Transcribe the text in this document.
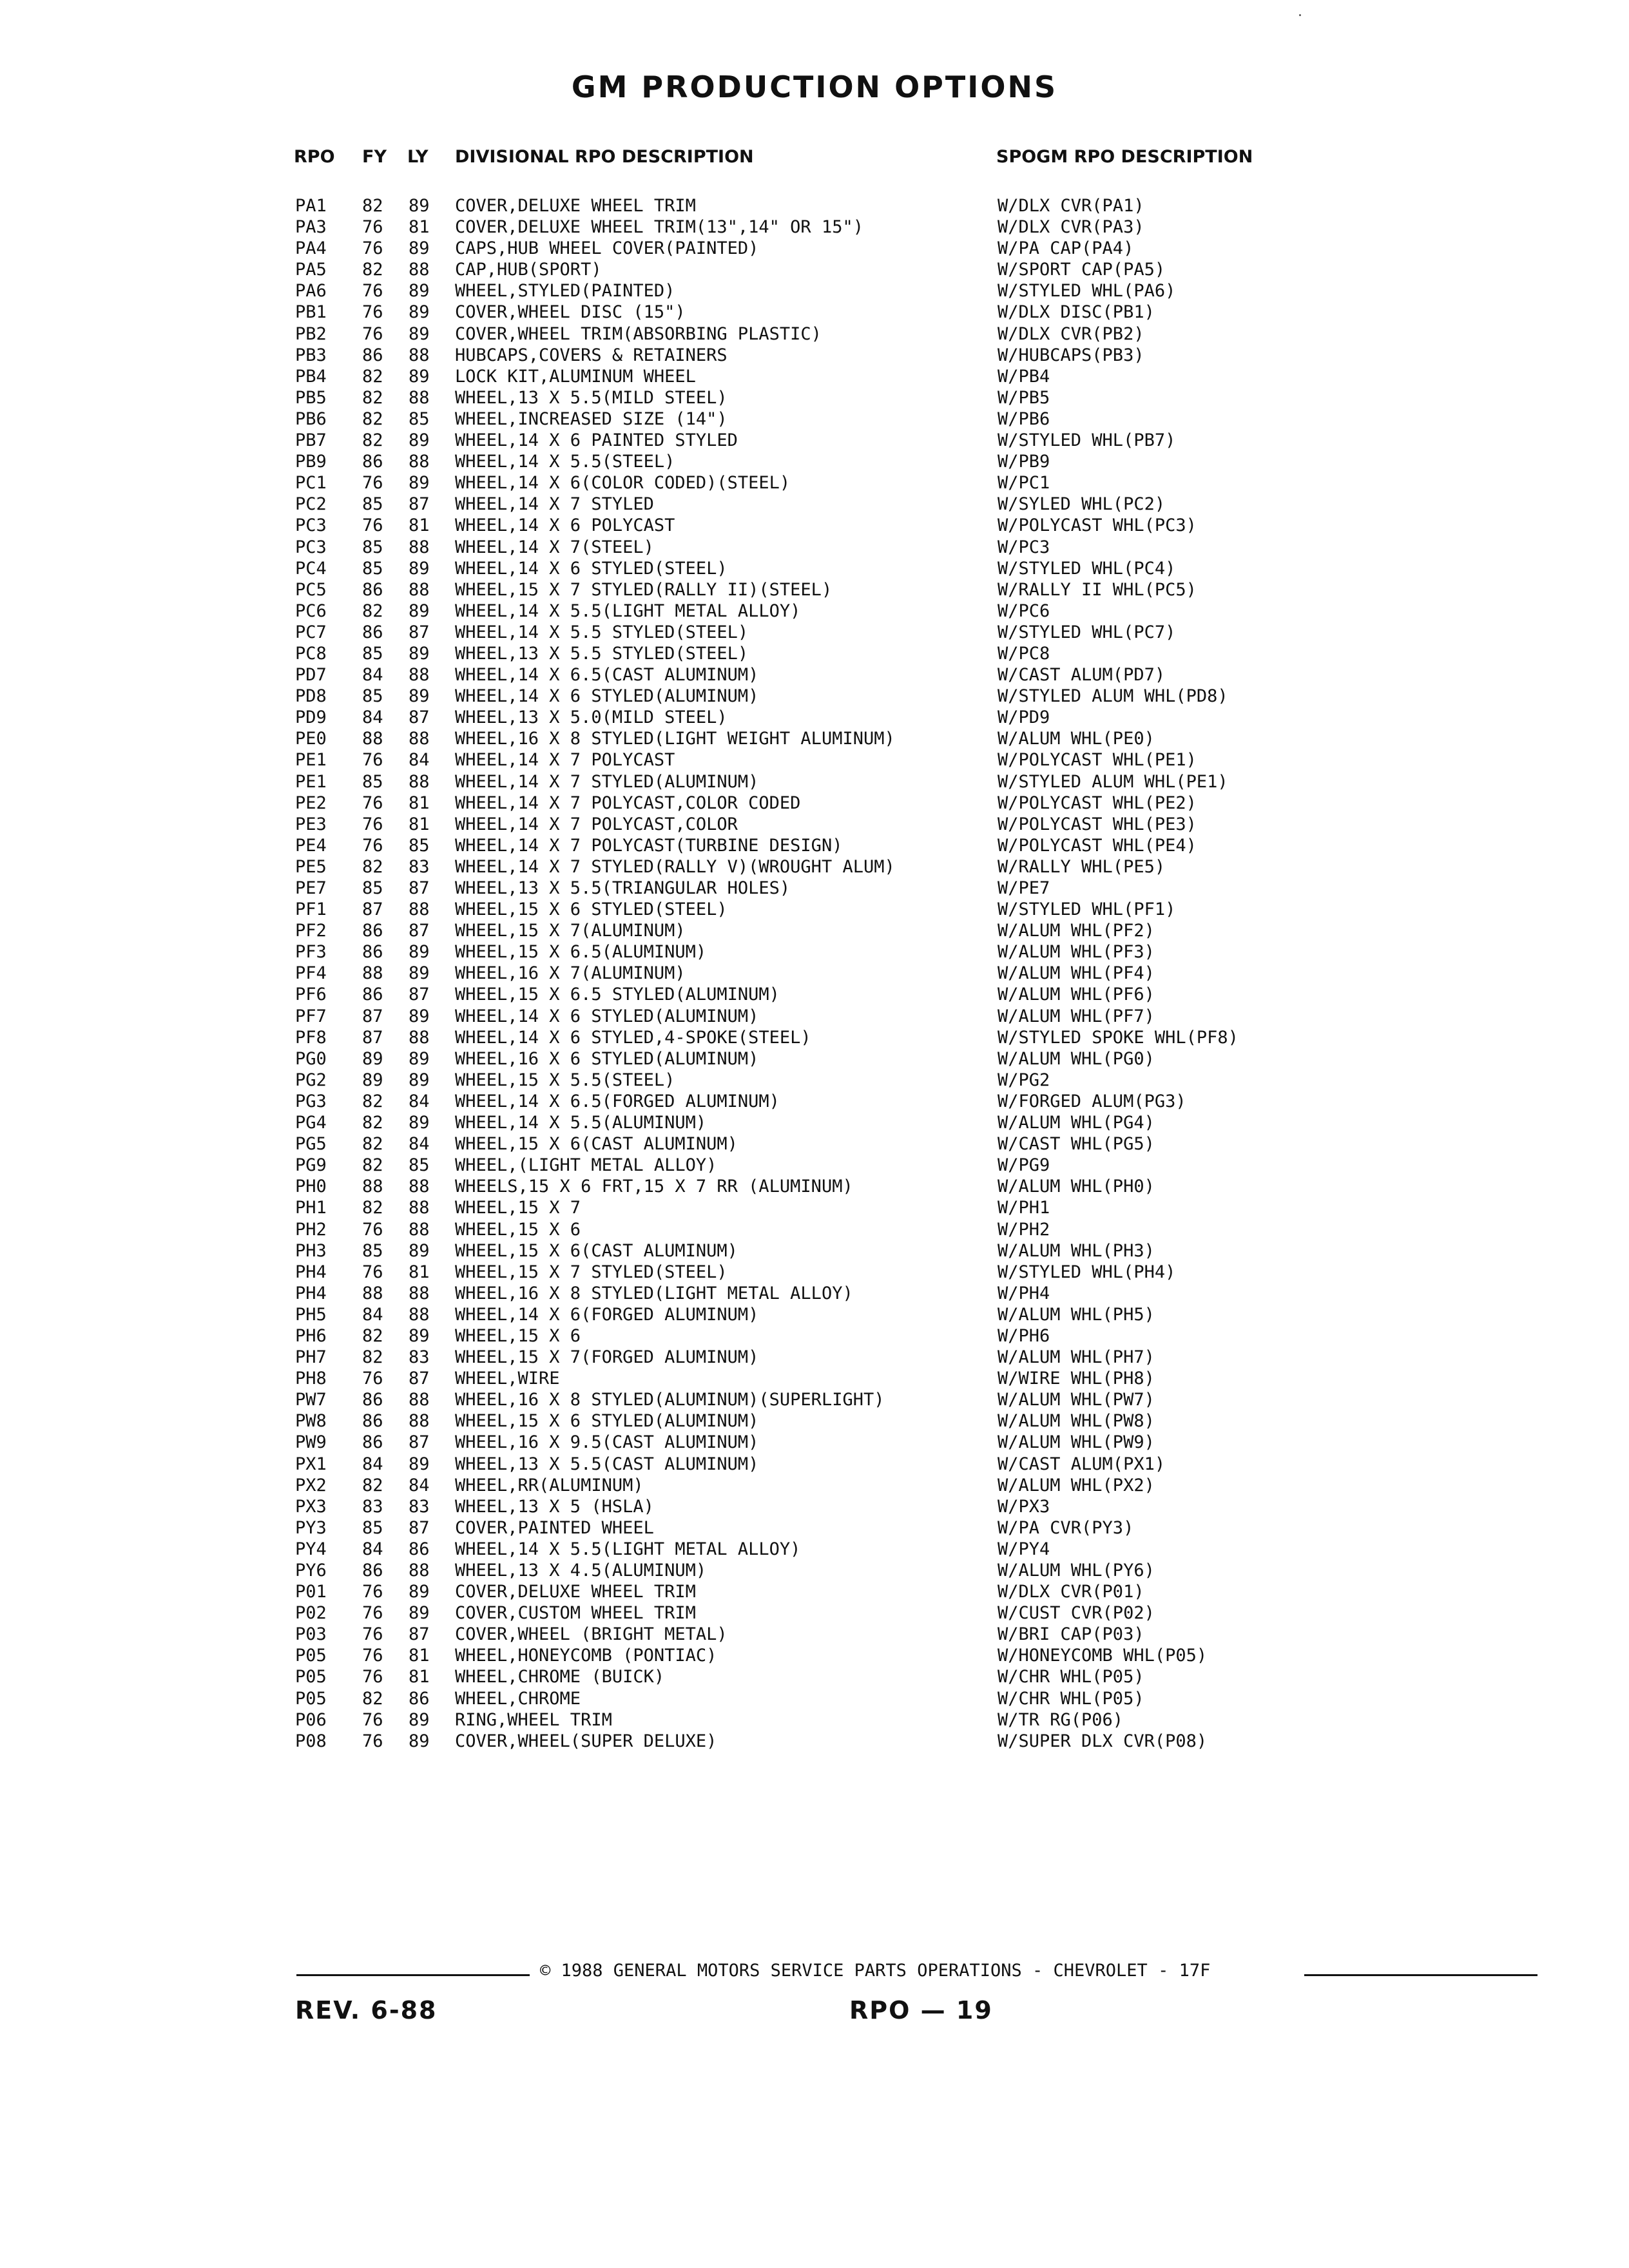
GM PRODUCTION OPTIONS
RPO FY LY DIVISIONAL RPO DESCRIPTION	SPOGM RPO DESCRIPTION
PA1 82 89 COVER,DELUXE WHEEL TRIM	W/DLX CVR(PA1)
PA3 76 81 COVER,DELUXE WHEEL TRIM(13",14" OR 15")	W/DLX CVR(PA3)
PA4 76 89 CAPS,HUB WHEEL COVER(PAINTED)	W/PA CAP(PA4)
PA5 82 88 CAP,HUB(SPORT)	W/SPORT CAP(PA5)
PA6 76 89 WHEEL,STYLED(PAINTED)	W/STYLED WHL(PA6)
PB1 76 89 COVER,WHEEL DISC (15")	W/DLX DISC(PB1)
PB2 76 89 COVER,WHEEL TRIM(ABSORBING PLASTIC)	W/DLX CVR(PB2)
PB3 86 88 HUBCAPS,COVERS & RETAINERS	W/HUBCAPS(PB3)
PB4 82 89 LOCK KIT,ALUMINUM WHEEL	W/PB4
PB5 82 88 WHEEL,13 X 5.5(MILD STEEL)	W/PB5
PB6 82 85 WHEEL,INCREASED SIZE (14")	W/PB6
PB7 82 89 WHEEL,14 X 6 PAINTED STYLED	W/STYLED WHL(PB7)
PB9 86 88 WHEEL,14 X 5.5(STEEL)	W/PB9
PC1 76 89 WHEEL,14 X 6(COLOR CODED)(STEEL)	W/PC1
PC2 85 87 WHEEL,14 X 7 STYLED	W/SYLED WHL(PC2)
PC3 76 81 WHEEL,14 X 6 POLYCAST	W/POLYCAST WHL(PC3)
PC3 85 88 WHEEL,14 X 7(STEEL)	W/PC3
PC4 85 89 WHEEL,14 X 6 STYLED(STEEL)	W/STYLED WHL(PC4)
PC5 86 88 WHEEL,15 X 7 STYLED(RALLY II)(STEEL)	W/RALLY II WHL(PC5)
PC6 82 89 WHEEL,14 X 5.5(LIGHT METAL ALLOY)	W/PC6
PC7 86 87 WHEEL,14 X 5.5 STYLED(STEEL)	W/STYLED WHL(PC7)
PC8 85 89 WHEEL,13 X 5.5 STYLED(STEEL)	W/PC8
PD7 84 88 WHEEL,14 X 6.5(CAST ALUMINUM)	W/CAST ALUM(PD7)
PD8 85 89 WHEEL,14 X 6 STYLED(ALUMINUM)	W/STYLED ALUM WHL(PD8)
PD9 84 87 WHEEL,13 X 5.0(MILD STEEL)	W/PD9
PE0 88 88 WHEEL,16 X 8 STYLED(LIGHT WEIGHT ALUMINUM)	W/ALUM WHL(PE0)
PE1 76 84 WHEEL,14 X 7 POLYCAST	W/POLYCAST WHL(PE1)
PE1 85 88 WHEEL,14 X 7 STYLED(ALUMINUM)	W/STYLED ALUM WHL(PE1)
PE2 76 81 WHEEL,14 X 7 POLYCAST,COLOR CODED	W/POLYCAST WHL(PE2)
PE3 76 81 WHEEL,14 X 7 POLYCAST,COLOR	W/POLYCAST WHL(PE3)
PE4 76 85 WHEEL,14 X 7 POLYCAST(TURBINE DESIGN)	W/POLYCAST WHL(PE4)
PE5 82 83 WHEEL,14 X 7 STYLED(RALLY V)(WROUGHT ALUM)	W/RALLY WHL(PE5)
PE7 85 87 WHEEL,13 X 5.5(TRIANGULAR HOLES)	W/PE7
PF1 87 88 WHEEL,15 X 6 STYLED(STEEL)	W/STYLED WHL(PF1)
PF2 86 87 WHEEL,15 X 7(ALUMINUM)	W/ALUM WHL(PF2)
PF3 86 89 WHEEL,15 X 6.5(ALUMINUM)	W/ALUM WHL(PF3)
PF4 88 89 WHEEL,16 X 7(ALUMINUM)	W/ALUM WHL(PF4)
PF6 86 87 WHEEL,15 X 6.5 STYLED(ALUMINUM)	W/ALUM WHL(PF6)
PF7 87 89 WHEEL,14 X 6 STYLED(ALUMINUM)	W/ALUM WHL(PF7)
PF8 87 88 WHEEL,14 X 6 STYLED,4-SPOKE(STEEL)	W/STYLED SPOKE WHL(PF8)
PG0 89 89 WHEEL,16 X 6 STYLED(ALUMINUM)	W/ALUM WHL(PG0)
PG2 89 89 WHEEL,15 X 5.5(STEEL)	W/PG2
PG3 82 84 WHEEL,14 X 6.5(FORGED ALUMINUM)	W/FORGED ALUM(PG3)
PG4 82 89 WHEEL,14 X 5.5(ALUMINUM)	W/ALUM WHL(PG4)
PG5 82 84 WHEEL,15 X 6(CAST ALUMINUM)	W/CAST WHL(PG5)
PG9 82 85 WHEEL,(LIGHT METAL ALLOY)	W/PG9
PH0 88 88 WHEELS,15 X 6 FRT,15 X 7 RR (ALUMINUM)	W/ALUM WHL(PH0)
PH1 82 88 WHEEL,15 X 7	W/PH1
PH2 76 88 WHEEL,15 X 6	W/PH2
PH3 85 89 WHEEL,15 X 6(CAST ALUMINUM)	W/ALUM WHL(PH3)
PH4 76 81 WHEEL,15 X 7 STYLED(STEEL)	W/STYLED WHL(PH4)
PH4 88 88 WHEEL,16 X 8 STYLED(LIGHT METAL ALLOY)	W/PH4
PH5 84 88 WHEEL,14 X 6(FORGED ALUMINUM)	W/ALUM WHL(PH5)
PH6 82 89 WHEEL,15 X 6	W/PH6
PH7 82 83 WHEEL,15 X 7(FORGED ALUMINUM)	W/ALUM WHL(PH7)
PH8 76 87 WHEEL,WIRE	W/WIRE WHL(PH8)
PW7 86 88 WHEEL,16 X 8 STYLED(ALUMINUM)(SUPERLIGHT)	W/ALUM WHL(PW7)
PW8 86 88 WHEEL,15 X 6 STYLED(ALUMINUM)	W/ALUM WHL(PW8)
PW9 86 87 WHEEL,16 X 9.5(CAST ALUMINUM)	W/ALUM WHL(PW9)
PX1 84 89 WHEEL,13 X 5.5(CAST ALUMINUM)	W/CAST ALUM(PX1)
PX2 82 84 WHEEL,RR(ALUMINUM)	W/ALUM WHL(PX2)
PX3 83 83 WHEEL,13 X 5 (HSLA)	W/PX3
PY3 85 87 COVER,PAINTED WHEEL	W/PA CVR(PY3)
PY4 84 86 WHEEL,14 X 5.5(LIGHT METAL ALLOY)	W/PY4
PY6 86 88 WHEEL,13 X 4.5(ALUMINUM)	W/ALUM WHL(PY6)
P01 76 89 COVER,DELUXE WHEEL TRIM	W/DLX CVR(P01)
P02 76 89 COVER,CUSTOM WHEEL TRIM	W/CUST CVR(P02)
P03 76 87 COVER,WHEEL (BRIGHT METAL)	W/BRI CAP(P03)
P05 76 81 WHEEL,HONEYCOMB (PONTIAC)	W/HONEYCOMB WHL(P05)
P05 76 81 WHEEL,CHROME (BUICK)	W/CHR WHL(P05)
P05 82 86 WHEEL,CHROME	W/CHR WHL(P05)
P06 76 89 RING,WHEEL TRIM	W/TR RG(P06)
P08 76 89 COVER,WHEEL(SUPER DELUXE)	W/SUPER DLX CVR(P08)
© 1988 GENERAL MOTORS SERVICE PARTS OPERATIONS - CHEVROLET - 17F
REV. 6-88	RPO — 19
